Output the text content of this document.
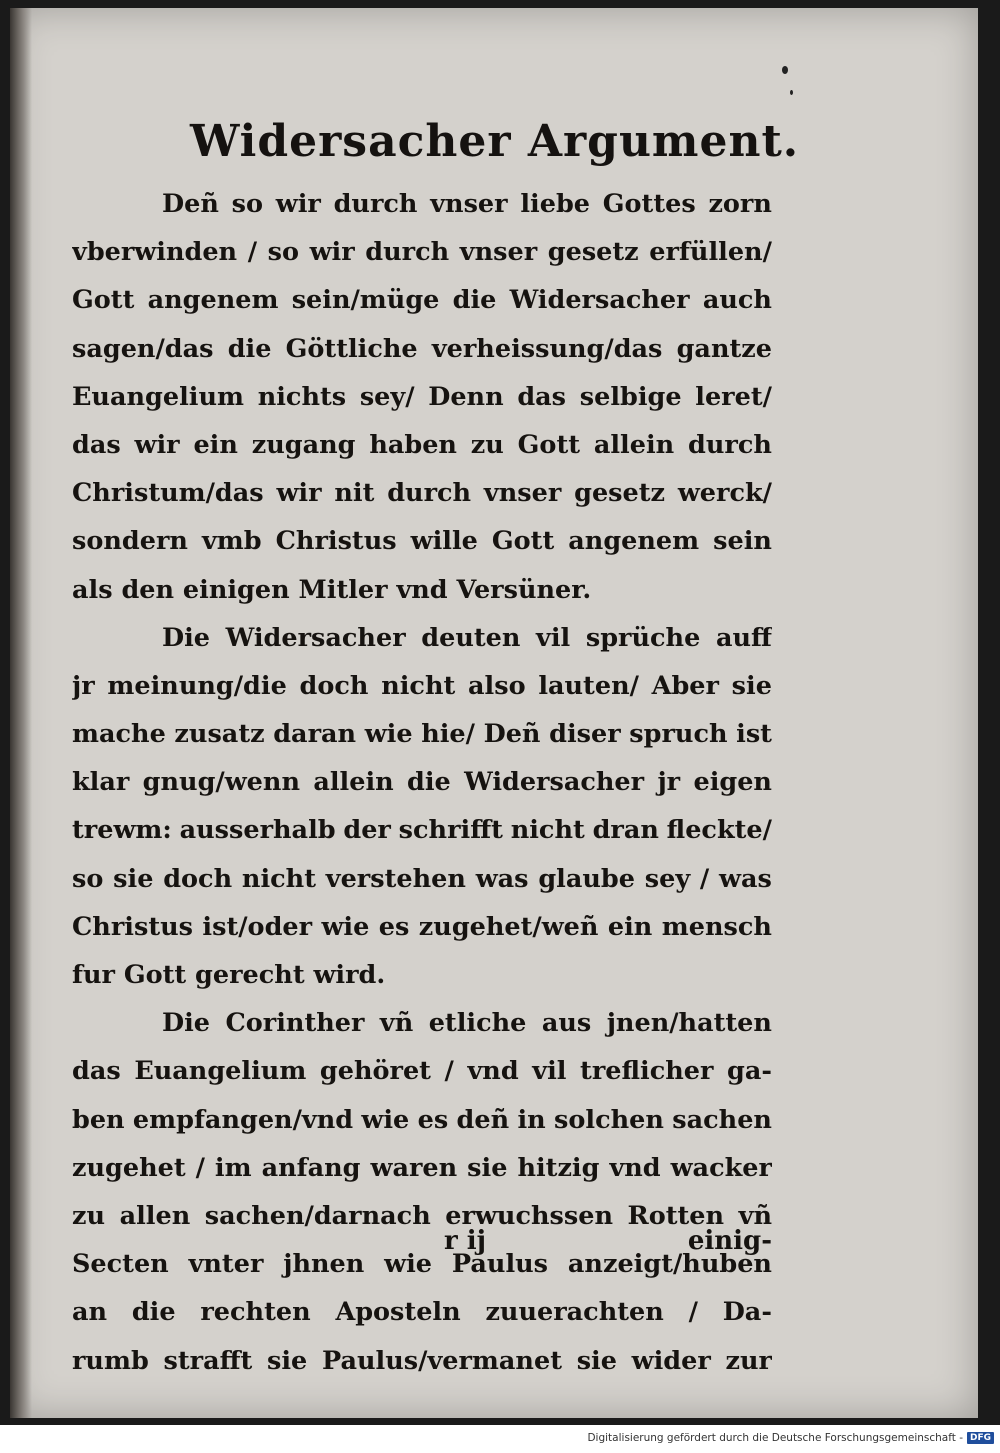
Widersacher Argument.
Deñ so wir durch vnser liebe Gottes zorn
vberwinden / so wir durch vnser gesetz erfüllen/
Gott angenem sein/müge die Widersacher auch
sagen/das die Göttliche verheissung/das gantze
Euangelium nichts sey/ Denn das selbige leret/
das wir ein zugang haben zu Gott allein durch
Christum/das wir nit durch vnser gesetz werck/
sondern vmb Christus wille Gott angenem sein
als den einigen Mitler vnd Versüner.
Die Widersacher deuten vil sprüche auff
jr meinung/die doch nicht also lauten/ Aber sie
mache zusatz daran wie hie/ Deñ diser spruch ist
klar gnug/wenn allein die Widersacher jr eigen
trewm: ausserhalb der schrifft nicht dran fleckte/
so sie doch nicht verstehen was glaube sey / was
Christus ist/oder wie es zugehet/weñ ein mensch
fur Gott gerecht wird.
Die Corinther vñ etliche aus jnen/hatten
das Euangelium gehöret / vnd vil treflicher ga-
ben empfangen/vnd wie es deñ in solchen sachen
zugehet / im anfang waren sie hitzig vnd wacker
zu allen sachen/darnach erwuchssen Rotten vñ
Secten vnter jhnen wie Paulus anzeigt/huben
an die rechten Aposteln zuuerachten / Da-
rumb strafft sie Paulus/vermanet sie wider zur
r ij	einig-
Digitalisierung gefördert durch die Deutsche Forschungsgemeinschaft - DFG
